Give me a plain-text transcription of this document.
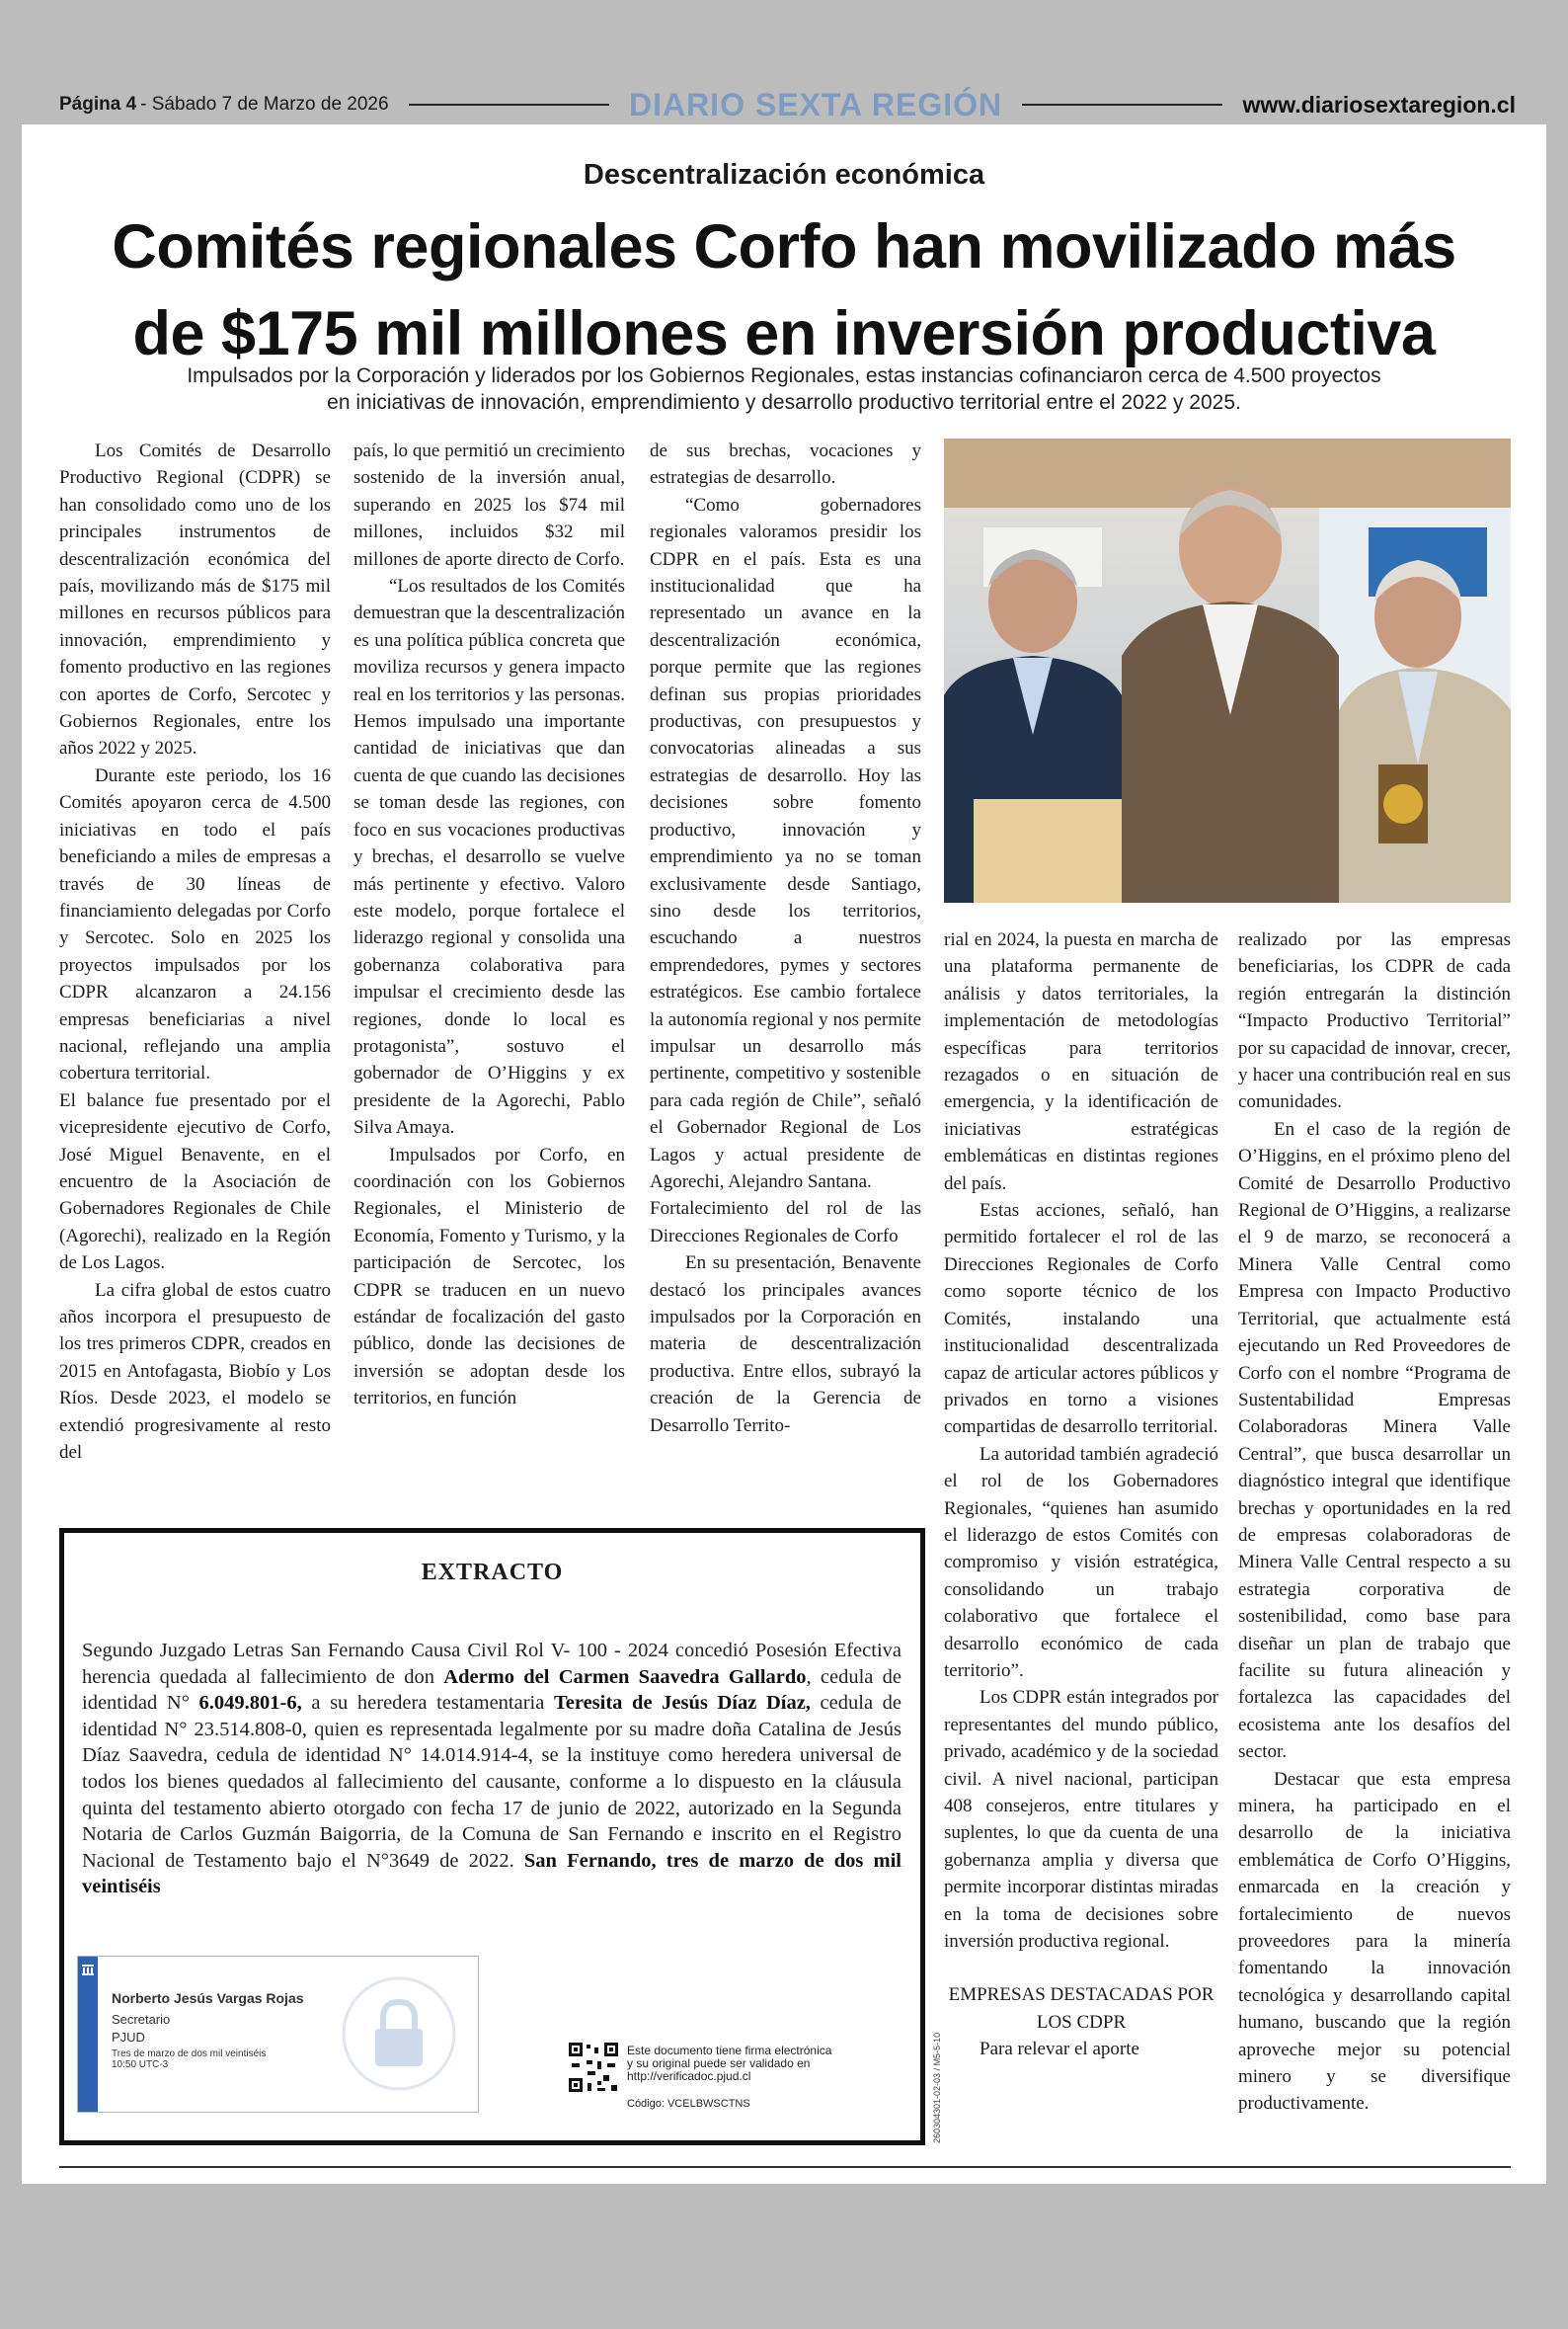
Página 4 - Sábado 7 de Marzo de 2026	DIARIO SEXTA REGIÓN	www.diariosextaregion.cl
Descentralización económica
Comités regionales Corfo han movilizado más
de $175 mil millones en inversión productiva
Impulsados por la Corporación y liderados por los Gobiernos Regionales, estas instancias cofinanciaron cerca de 4.500 proyectos
en iniciativas de innovación, emprendimiento y desarrollo productivo territorial entre el 2022 y 2025.

Los Comités de Desarrollo Productivo Regional (CDPR) se han consolidado como uno de los principales instrumentos de descentralización económica del país, movilizando más de $175 mil millones en recursos públicos para innovación, emprendimiento y fomento productivo en las regiones con aportes de Corfo, Sercotec y Gobiernos Regionales, entre los años 2022 y 2025.

Durante este periodo, los 16 Comités apoyaron cerca de 4.500 iniciativas en todo el país beneficiando a miles de empresas a través de 30 líneas de financiamiento delegadas por Corfo y Sercotec. Solo en 2025 los proyectos impulsados por los CDPR alcanzaron a 24.156 empresas beneficiarias a nivel nacional, reflejando una amplia cobertura territorial.

El balance fue presentado por el vicepresidente ejecutivo de Corfo, José Miguel Benavente, en el encuentro de la Asociación de Gobernadores Regionales de Chile (Agorechi), realizado en la Región de Los Lagos.

La cifra global de estos cuatro años incorpora el presupuesto de los tres primeros CDPR, creados en 2015 en Antofagasta, Biobío y Los Ríos. Desde 2023, el modelo se extendió progresivamente al resto del

país, lo que permitió un crecimiento sostenido de la inversión anual, superando en 2025 los $74 mil millones, incluidos $32 mil millones de aporte directo de Corfo.

“Los resultados de los Comités demuestran que la descentralización es una política pública concreta que moviliza recursos y genera impacto real en los territorios y las personas. Hemos impulsado una importante cantidad de iniciativas que dan cuenta de que cuando las decisiones se toman desde las regiones, con foco en sus vocaciones productivas y brechas, el desarrollo se vuelve más pertinente y efectivo. Valoro este modelo, porque fortalece el liderazgo regional y consolida una gobernanza colaborativa para impulsar el crecimiento desde las regiones, donde lo local es protagonista”, sostuvo el gobernador de O’Higgins y ex presidente de la Agorechi, Pablo Silva Amaya.

Impulsados por Corfo, en coordinación con los Gobiernos Regionales, el Ministerio de Economía, Fomento y Turismo, y la participación de Sercotec, los CDPR se traducen en un nuevo estándar de focalización del gasto público, donde las decisiones de inversión se adoptan desde los territorios, en función

de sus brechas, vocaciones y estrategias de desarrollo.

“Como gobernadores regionales valoramos presidir los CDPR en el país. Esta es una institucionalidad que ha representado un avance en la descentralización económica, porque permite que las regiones definan sus propias prioridades productivas, con presupuestos y convocatorias alineadas a sus estrategias de desarrollo. Hoy las decisiones sobre fomento productivo, innovación y emprendimiento ya no se toman exclusivamente desde Santiago, sino desde los territorios, escuchando a nuestros emprendedores, pymes y sectores estratégicos. Ese cambio fortalece la autonomía regional y nos permite impulsar un desarrollo más pertinente, competitivo y sostenible para cada región de Chile”, señaló el Gobernador Regional de Los Lagos y actual presidente de Agorechi, Alejandro Santana.

Fortalecimiento del rol de las Direcciones Regionales de Corfo

En su presentación, Benavente destacó los principales avances impulsados por la Corporación en materia de descentralización productiva. Entre ellos, subrayó la creación de la Gerencia de Desarrollo Territo-

rial en 2024, la puesta en marcha de una plataforma permanente de análisis y datos territoriales, la implementación de metodologías específicas para territorios rezagados o en situación de emergencia, y la identificación de iniciativas estratégicas emblemáticas en distintas regiones del país.

Estas acciones, señaló, han permitido fortalecer el rol de las Direcciones Regionales de Corfo como soporte técnico de los Comités, instalando una institucionalidad descentralizada capaz de articular actores públicos y privados en torno a visiones compartidas de desarrollo territorial.

La autoridad también agradeció el rol de los Gobernadores Regionales, “quienes han asumido el liderazgo de estos Comités con compromiso y visión estratégica, consolidando un trabajo colaborativo que fortalece el desarrollo económico de cada territorio”.

Los CDPR están integrados por representantes del mundo público, privado, académico y de la sociedad civil. A nivel nacional, participan 408 consejeros, entre titulares y suplentes, lo que da cuenta de una gobernanza amplia y diversa que permite incorporar distintas miradas en la toma de decisiones sobre inversión productiva regional.

EMPRESAS DESTACADAS POR LOS CDPR

Para relevar el aporte

realizado por las empresas beneficiarias, los CDPR de cada región entregarán la distinción “Impacto Productivo Territorial” por su capacidad de innovar, crecer, y hacer una contribución real en sus comunidades.

En el caso de la región de O’Higgins, en el próximo pleno del Comité de Desarrollo Productivo Regional de O’Higgins, a realizarse el 9 de marzo, se reconocerá a Minera Valle Central como Empresa con Impacto Productivo Territorial, que actualmente está ejecutando un Red Proveedores de Corfo con el nombre “Programa de Sustentabilidad Empresas Colaboradoras Minera Valle Central”, que busca desarrollar un diagnóstico integral que identifique brechas y oportunidades en la red de empresas colaboradoras de Minera Valle Central respecto a su estrategia corporativa de sostenibilidad, como base para diseñar un plan de trabajo que facilite su futura alineación y fortalezca las capacidades del ecosistema ante los desafíos del sector.

Destacar que esta empresa minera, ha participado en el desarrollo de la iniciativa emblemática de Corfo O’Higgins, enmarcada en la creación y fortalecimiento de nuevos proveedores para la minería fomentando la innovación tecnológica y desarrollando capital humano, buscando que la región aproveche mejor su potencial minero y se diversifique productivamente.

EXTRACTO
Segundo Juzgado Letras San Fernando Causa Civil Rol V- 100 - 2024 concedió Posesión Efectiva herencia quedada al fallecimiento de don Adermo del Carmen Saavedra Gallardo, cedula de identidad N° 6.049.801-6, a su heredera testamentaria Teresita de Jesús Díaz Díaz, cedula de identidad N° 23.514.808-0, quien es representada legalmente por su madre doña Catalina de Jesús Díaz Saavedra, cedula de identidad N° 14.014.914-4, se la instituye como heredera universal de todos los bienes quedados al fallecimiento del causante, conforme a lo dispuesto en la cláusula quinta del testamento abierto otorgado con fecha 17 de junio de 2022, autorizado en la Segunda Notaria de Carlos Guzmán Baigorria, de la Comuna de San Fernando e inscrito en el Registro Nacional de Testamento bajo el N°3649 de 2022. San Fernando, tres de marzo de dos mil veintiséis
Norberto Jesús Vargas Rojas
Secretario
PJUD
Tres de marzo de dos mil veintiséis
10:50 UTC-3
Este documento tiene firma electrónica
y su original puede ser validado en
http://verificadoc.pjud.cl
Código: VCELBWSCTNS	260304301-02-03 / M5-5-10
